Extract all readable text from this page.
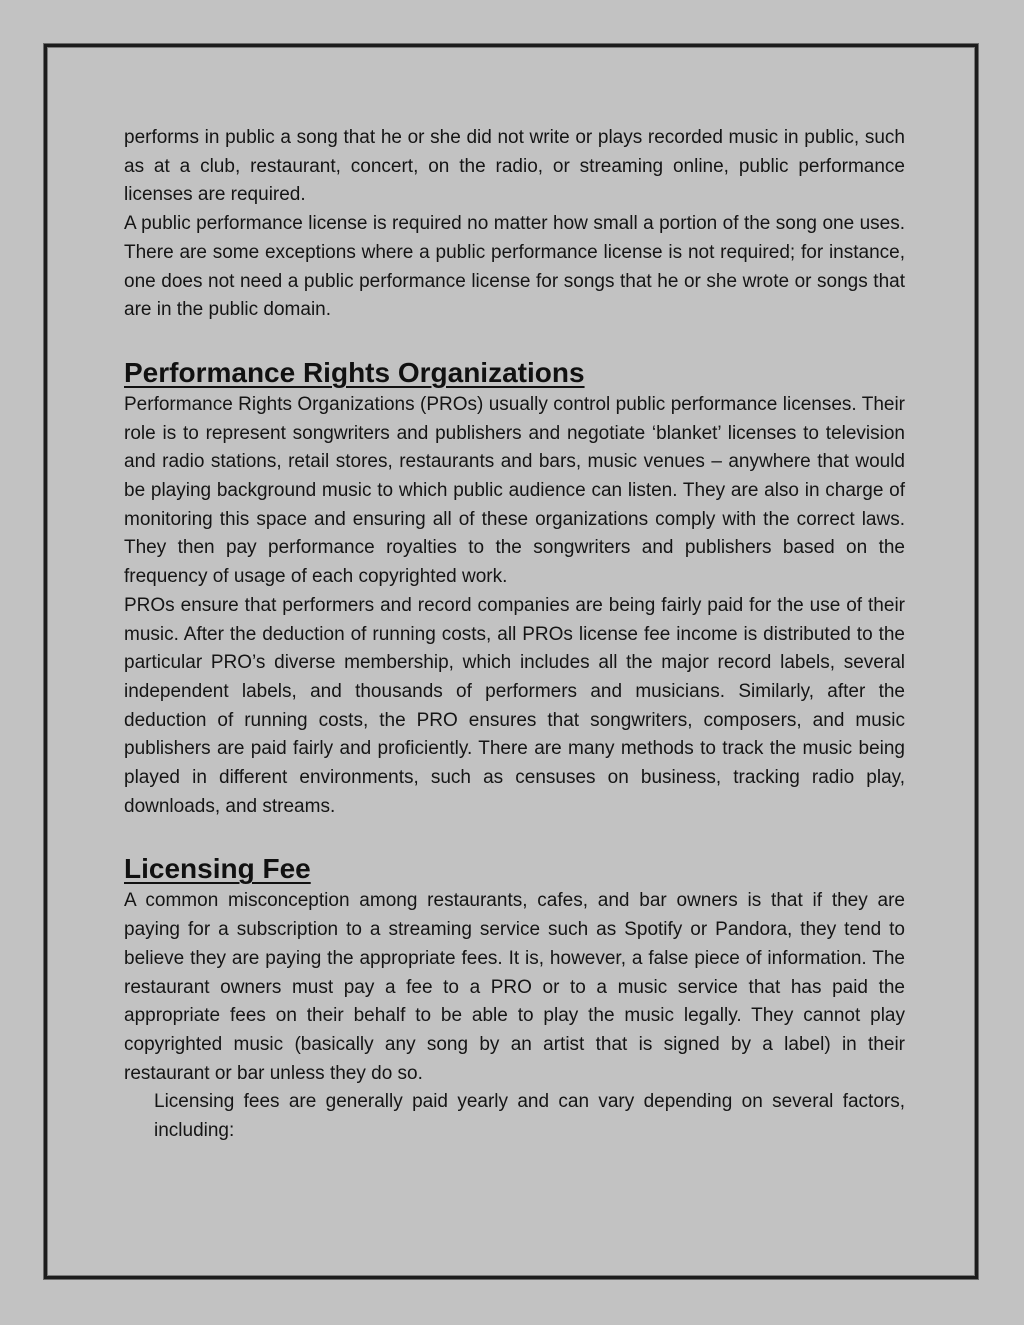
performs in public a song that he or she did not write or plays recorded music in public, such as at a club, restaurant, concert, on the radio, or streaming online, public performance licenses are required.

A public performance license is required no matter how small a portion of the song one uses. There are some exceptions where a public performance license is not required; for instance, one does not need a public performance license for songs that he or she wrote or songs that are in the public domain.

Performance Rights Organizations

Performance Rights Organizations (PROs) usually control public performance licenses. Their role is to represent songwriters and publishers and negotiate ‘blanket’ licenses to television and radio stations, retail stores, restaurants and bars, music venues – anywhere that would be playing background music to which public audience can listen. They are also in charge of monitoring this space and ensuring all of these organizations comply with the correct laws. They then pay performance royalties to the songwriters and publishers based on the frequency of usage of each copyrighted work.

PROs ensure that performers and record companies are being fairly paid for the use of their music. After the deduction of running costs, all PROs license fee income is distributed to the particular PRO’s diverse membership, which includes all the major record labels, several independent labels, and thousands of performers and musicians. Similarly, after the deduction of running costs, the PRO ensures that songwriters, composers, and music publishers are paid fairly and proficiently. There are many methods to track the music being played in different environments, such as censuses on business, tracking radio play, downloads, and streams.

Licensing Fee

A common misconception among restaurants, cafes, and bar owners is that if they are paying for a subscription to a streaming service such as Spotify or Pandora, they tend to believe they are paying the appropriate fees. It is, however, a false piece of information. The restaurant owners must pay a fee to a PRO or to a music service that has paid the appropriate fees on their behalf to be able to play the music legally. They cannot play copyrighted music (basically any song by an artist that is signed by a label) in their restaurant or bar unless they do so.

Licensing fees are generally paid yearly and can vary depending on several factors, including:
